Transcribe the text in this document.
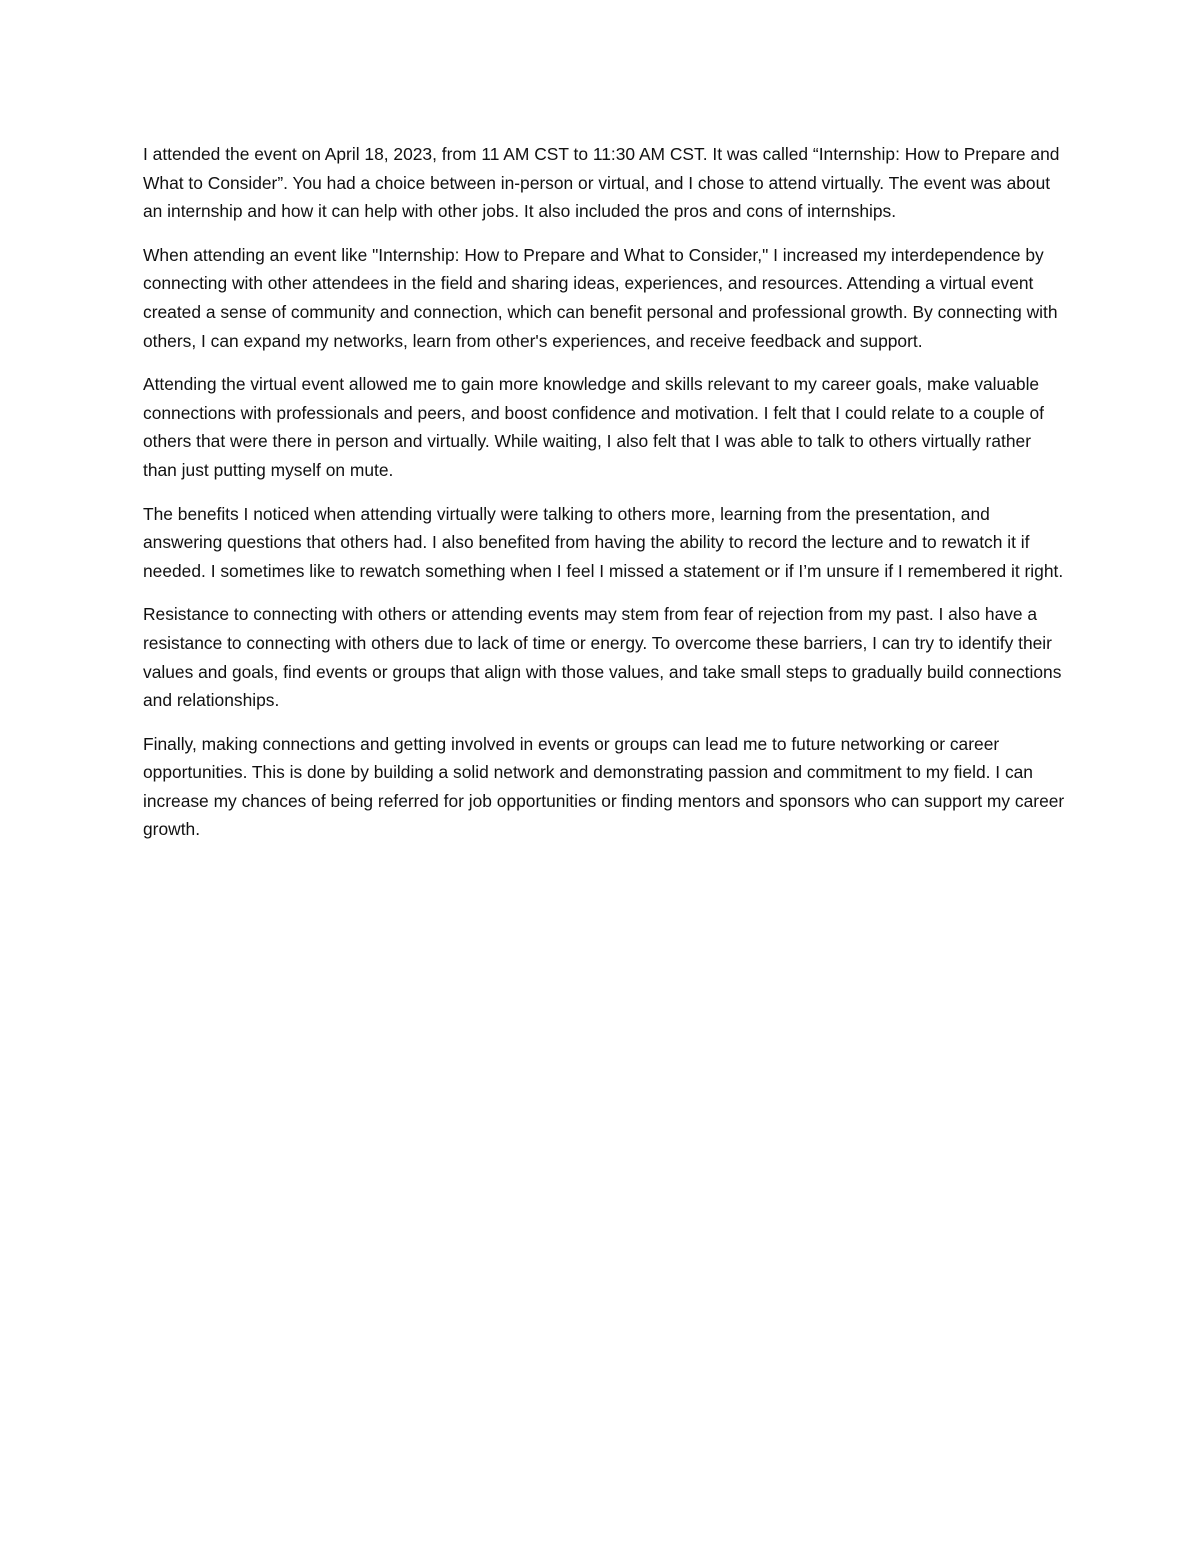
I attended the event on April 18, 2023, from 11 AM CST to 11:30 AM CST. It was called “Internship: How to Prepare and What to Consider”. You had a choice between in-person or virtual, and I chose to attend virtually. The event was about an internship and how it can help with other jobs. It also included the pros and cons of internships.

When attending an event like "Internship: How to Prepare and What to Consider," I increased my interdependence by connecting with other attendees in the field and sharing ideas, experiences, and resources. Attending a virtual event created a sense of community and connection, which can benefit personal and professional growth. By connecting with others, I can expand my networks, learn from other's experiences, and receive feedback and support.

Attending the virtual event allowed me to gain more knowledge and skills relevant to my career goals, make valuable connections with professionals and peers, and boost confidence and motivation. I felt that I could relate to a couple of others that were there in person and virtually. While waiting, I also felt that I was able to talk to others virtually rather than just putting myself on mute.

The benefits I noticed when attending virtually were talking to others more, learning from the presentation, and answering questions that others had. I also benefited from having the ability to record the lecture and to rewatch it if needed. I sometimes like to rewatch something when I feel I missed a statement or if I’m unsure if I remembered it right.

Resistance to connecting with others or attending events may stem from fear of rejection from my past. I also have a resistance to connecting with others due to lack of time or energy. To overcome these barriers, I can try to identify their values and goals, find events or groups that align with those values, and take small steps to gradually build connections and relationships.

Finally, making connections and getting involved in events or groups can lead me to future networking or career opportunities. This is done by building a solid network and demonstrating passion and commitment to my field. I can increase my chances of being referred for job opportunities or finding mentors and sponsors who can support my career growth.
